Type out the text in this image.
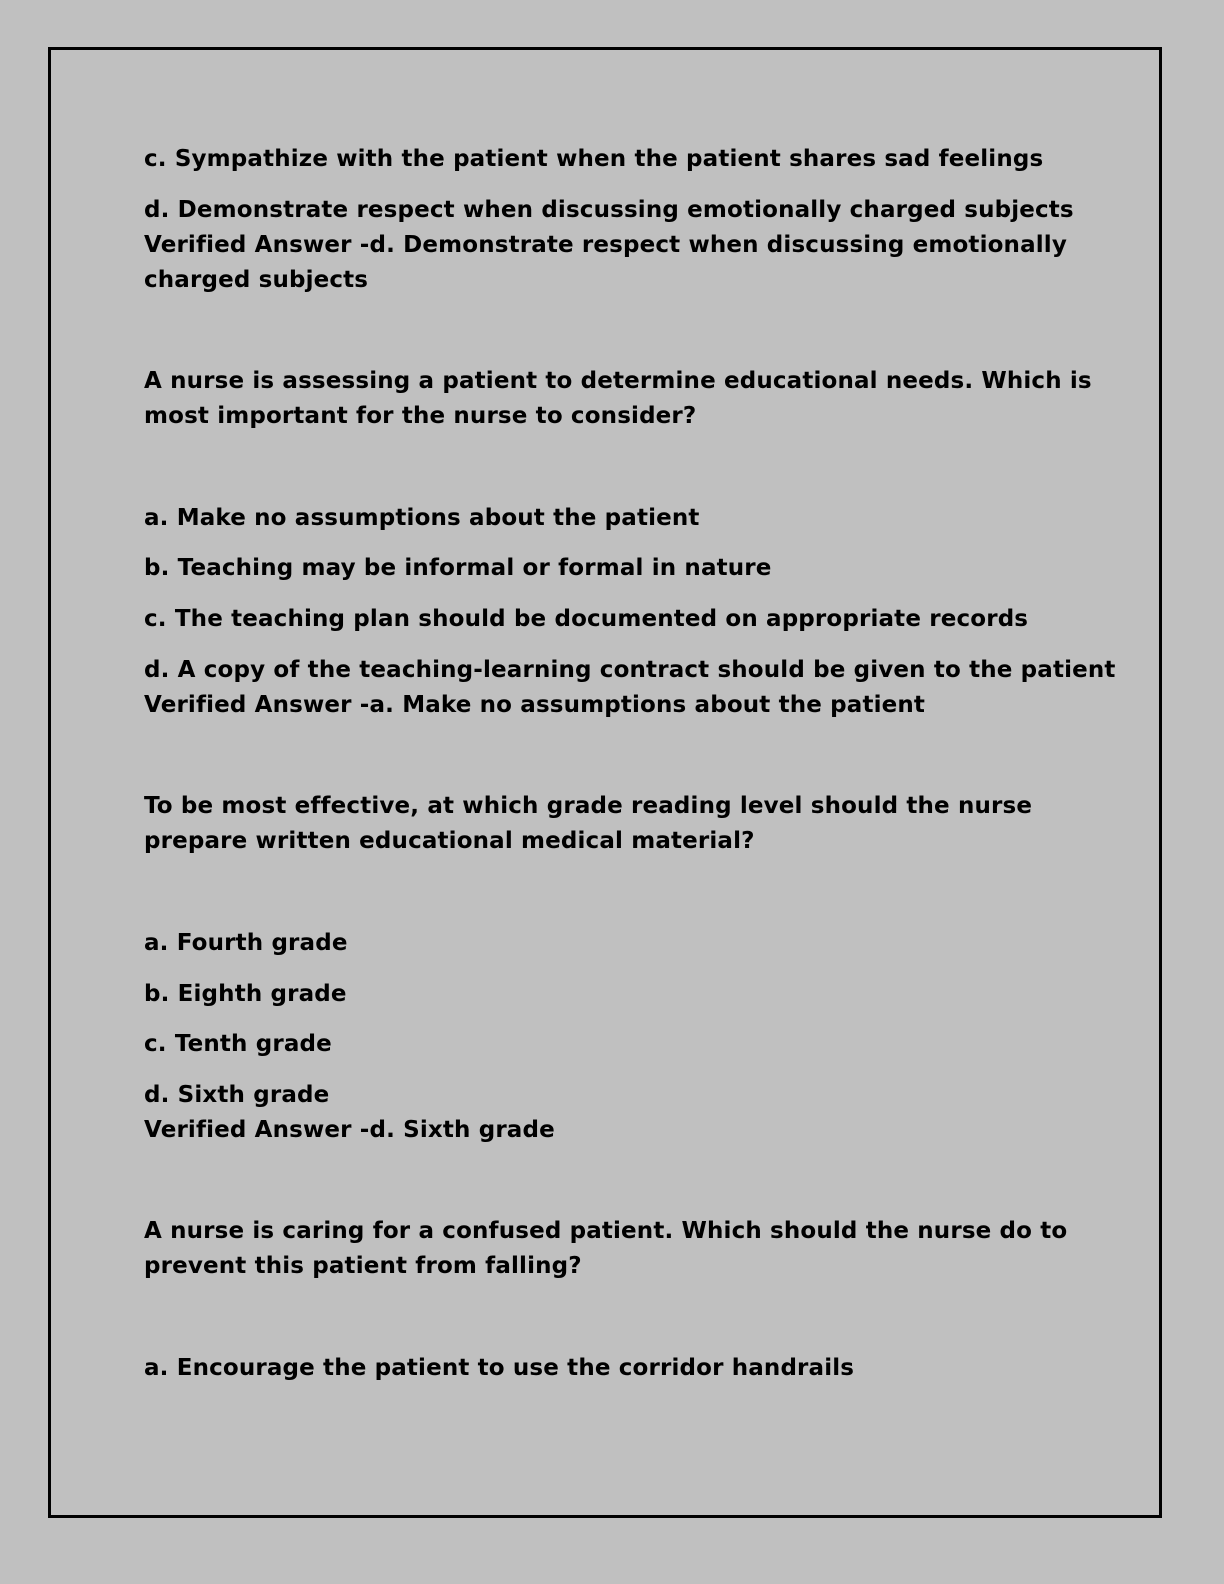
c. Sympathize with the patient when the patient shares sad feelings

d. Demonstrate respect when discussing emotionally charged subjects

Verified Answer -d. Demonstrate respect when discussing emotionally

charged subjects

A nurse is assessing a patient to determine educational needs. Which is

most important for the nurse to consider?

a. Make no assumptions about the patient

b. Teaching may be informal or formal in nature

c. The teaching plan should be documented on appropriate records

d. A copy of the teaching-learning contract should be given to the patient

Verified Answer -a. Make no assumptions about the patient

To be most effective, at which grade reading level should the nurse

prepare written educational medical material?

a. Fourth grade

b. Eighth grade

c. Tenth grade

d. Sixth grade

Verified Answer -d. Sixth grade

A nurse is caring for a confused patient. Which should the nurse do to

prevent this patient from falling?

a. Encourage the patient to use the corridor handrails
